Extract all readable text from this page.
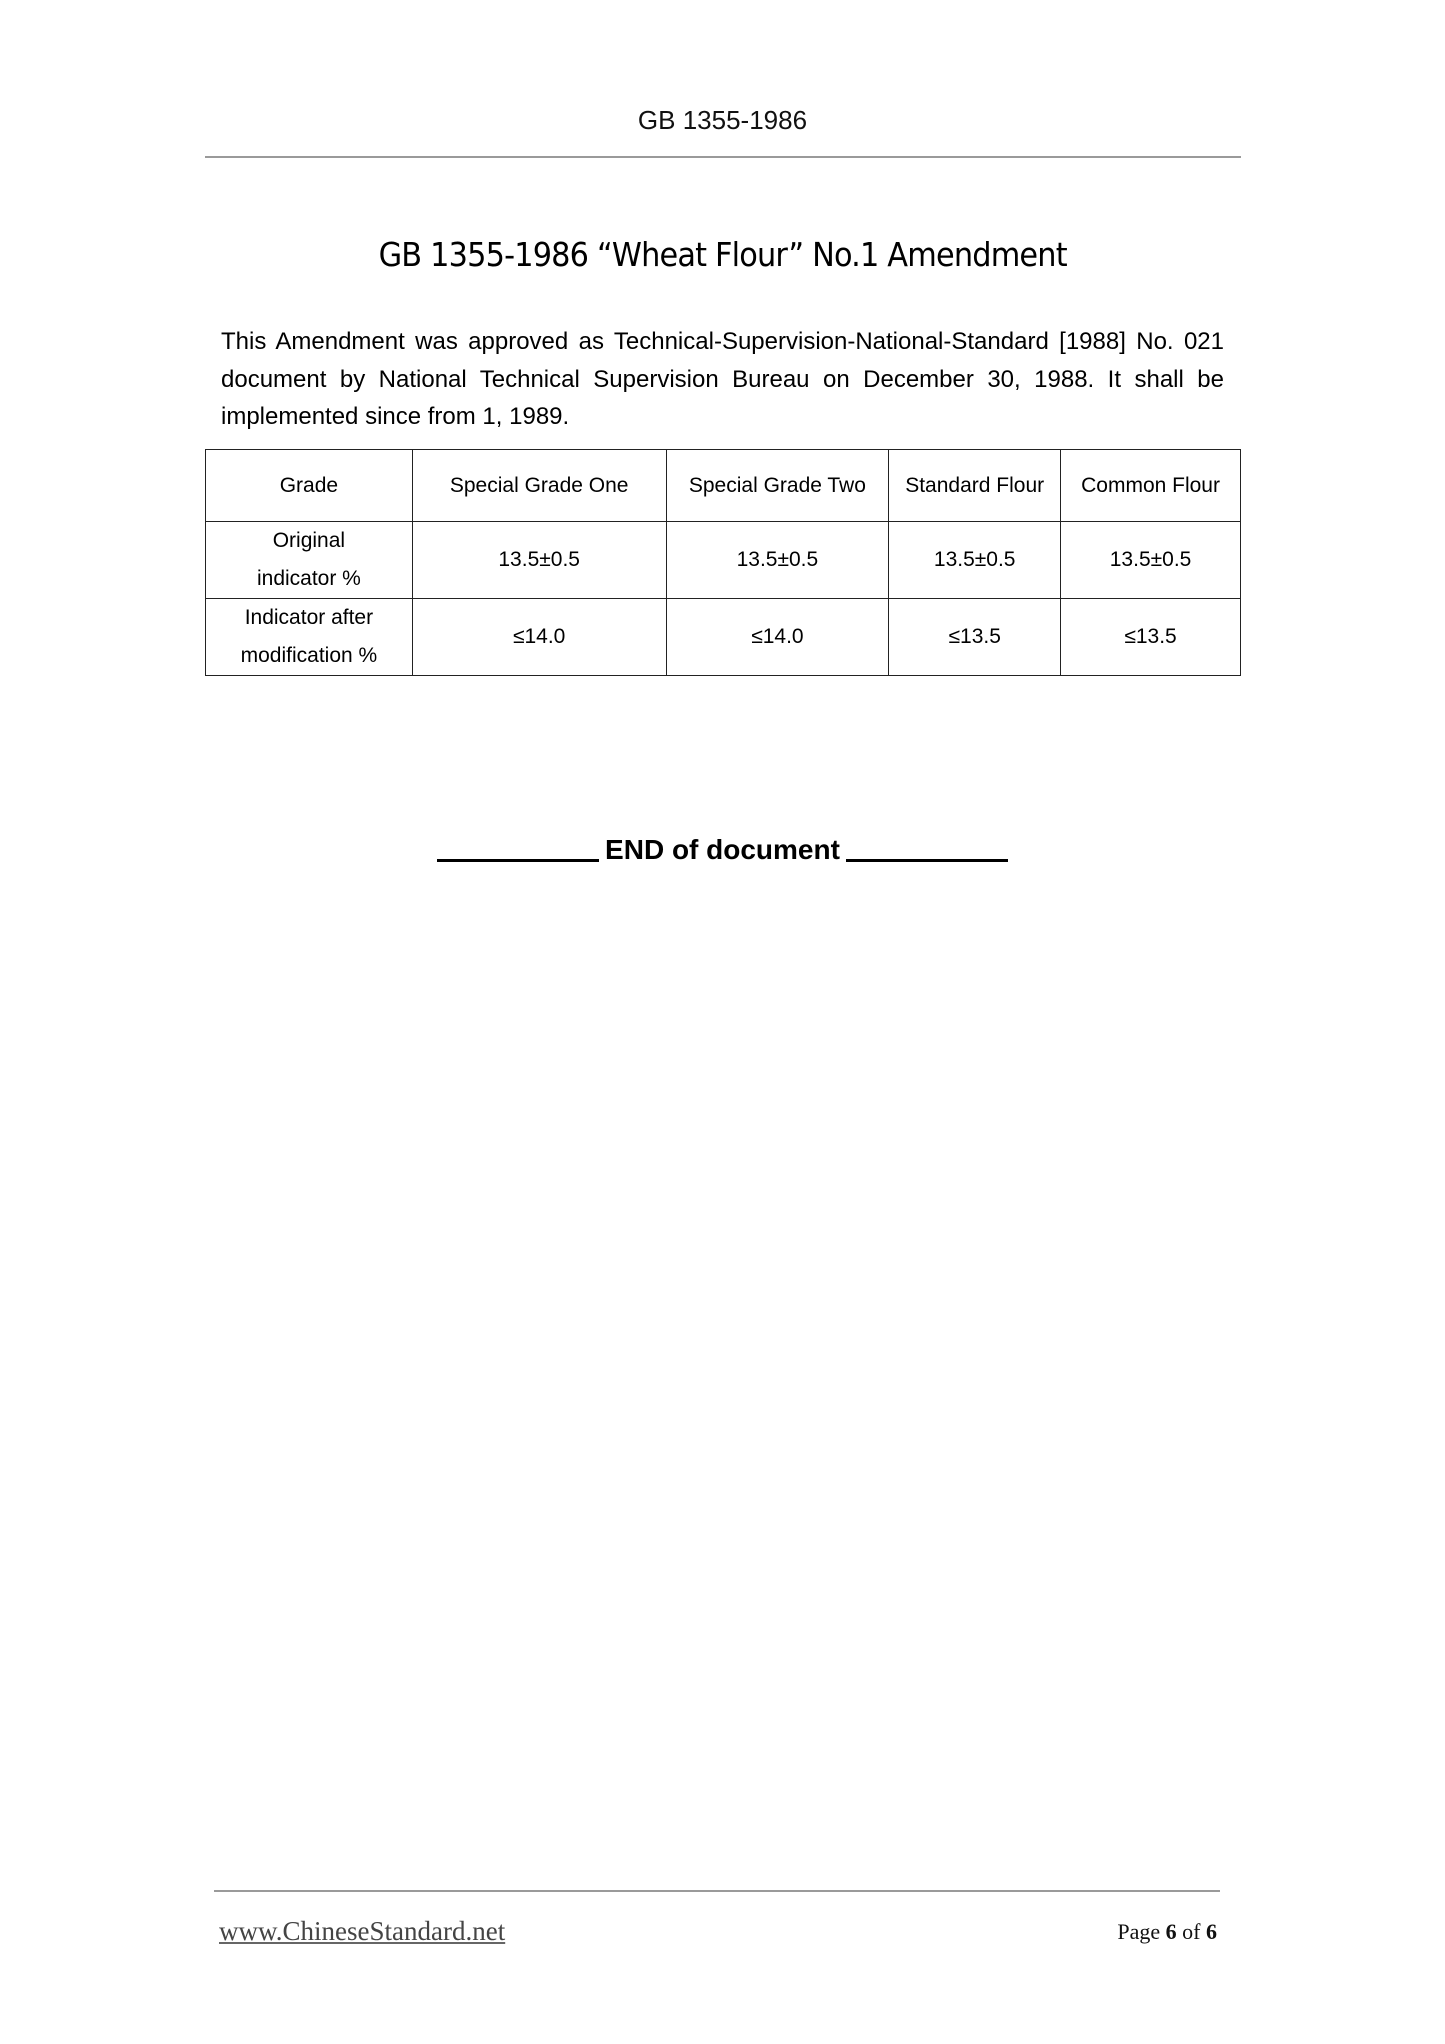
GB 1355-1986
GB 1355-1986 “Wheat Flour” No.1 Amendment
This Amendment was approved as Technical-Supervision-National-Standard [1988] No. 021 document by National Technical Supervision Bureau on December 30, 1988. It shall be implemented since from 1, 1989.
Grade	Special Grade One	Special Grade Two	Standard Flour	Common Flour
Original
indicator %	13.5±0.5	13.5±0.5	13.5±0.5	13.5±0.5
Indicator after
modification %	≤14.0	≤14.0	≤13.5	≤13.5
END of document
www.ChineseStandard.net	Page 6 of 6
